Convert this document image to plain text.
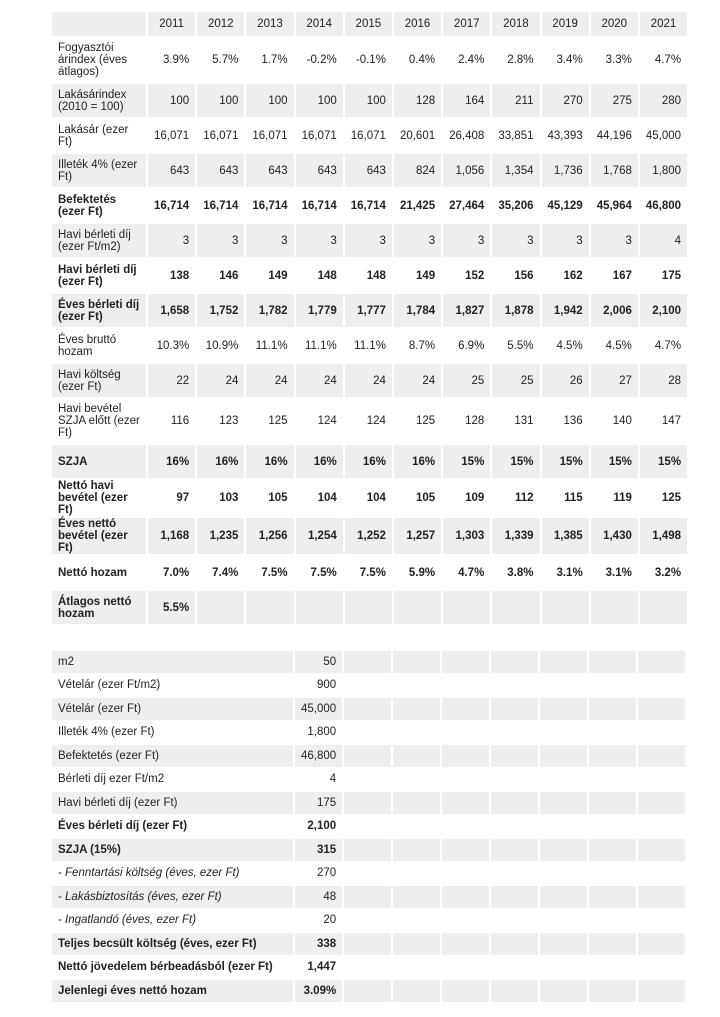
	2011	2012	2013	2014	2015	2016	2017	2018	2019	2020	2021
Fogyasztói árindex (éves átlagos)	3.9%	5.7%	1.7%	-0.2%	-0.1%	0.4%	2.4%	2.8%	3.4%	3.3%	4.7%
Lakásárindex (2010 = 100)	100	100	100	100	100	128	164	211	270	275	280
Lakásár (ezer Ft)	16,071	16,071	16,071	16,071	16,071	20,601	26,408	33,851	43,393	44,196	45,000
Illeték 4% (ezer Ft)	643	643	643	643	643	824	1,056	1,354	1,736	1,768	1,800
Befektetés (ezer Ft)	16,714	16,714	16,714	16,714	16,714	21,425	27,464	35,206	45,129	45,964	46,800
Havi bérleti díj (ezer Ft/m2)	3	3	3	3	3	3	3	3	3	3	4
Havi bérleti díj (ezer Ft)	138	146	149	148	148	149	152	156	162	167	175
Éves bérleti díj (ezer Ft)	1,658	1,752	1,782	1,779	1,777	1,784	1,827	1,878	1,942	2,006	2,100
Éves bruttó hozam	10.3%	10.9%	11.1%	11.1%	11.1%	8.7%	6.9%	5.5%	4.5%	4.5%	4.7%
Havi költség (ezer Ft)	22	24	24	24	24	24	25	25	26	27	28
Havi bevétel SZJA előtt (ezer Ft)	116	123	125	124	124	125	128	131	136	140	147
SZJA	16%	16%	16%	16%	16%	16%	15%	15%	15%	15%	15%
Nettó havi bevétel (ezer Ft)	97	103	105	104	104	105	109	112	115	119	125
Éves nettó bevétel (ezer Ft)	1,168	1,235	1,256	1,254	1,252	1,257	1,303	1,339	1,385	1,430	1,498
Nettó hozam	7.0%	7.4%	7.5%	7.5%	7.5%	5.9%	4.7%	3.8%	3.1%	3.1%	3.2%
Átlagos nettó hozam	5.5%										
m2	50							
Vételár (ezer Ft/m2)	900							
Vételár (ezer Ft)	45,000							
Illeték 4% (ezer Ft)	1,800							
Befektetés (ezer Ft)	46,800							
Bérleti díj ezer Ft/m2	4							
Havi bérleti díj (ezer Ft)	175							
Éves bérleti díj (ezer Ft)	2,100							
SZJA (15%)	315							
- Fenntartási költség (éves, ezer Ft)	270							
- Lakásbiztosítás (éves, ezer Ft)	48							
- Ingatlandó (éves, ezer Ft)	20							
Teljes becsült költség (éves, ezer Ft)	338							
Nettó jövedelem bérbeadásból (ezer Ft)	1,447							
Jelenlegi éves nettó hozam	3.09%							
